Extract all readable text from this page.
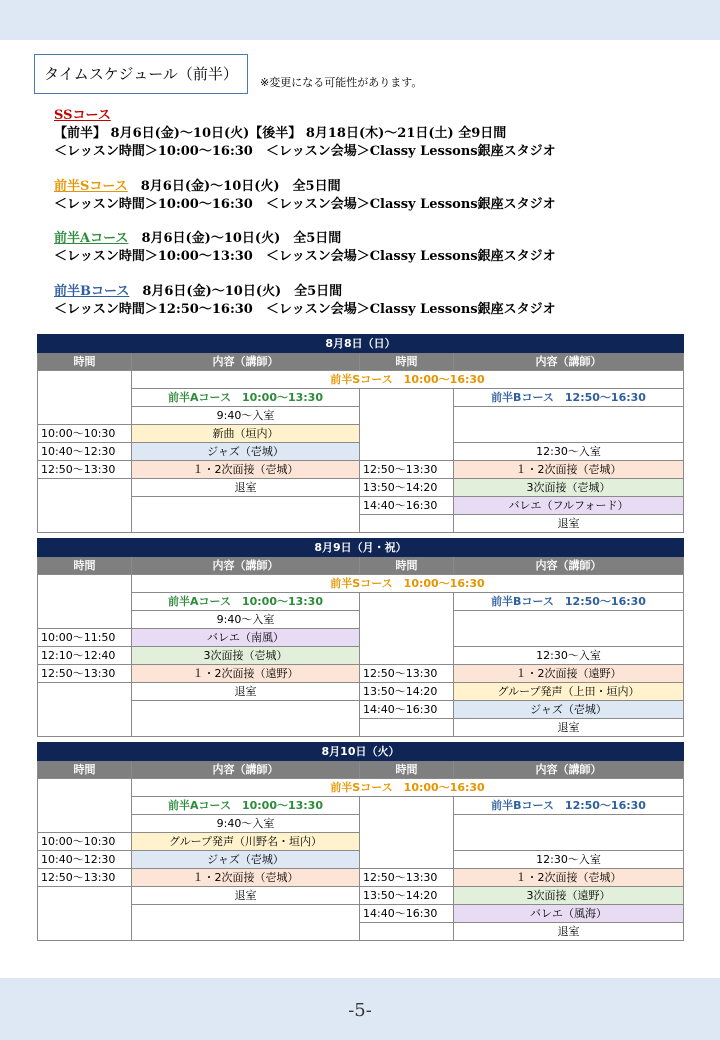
タイムスケジュール（前半）	※変更になる可能性があります。
SSコース
【前半】 8月6日(金)～10日(火)【後半】 8月18日(木)～21日(土) 全9日間
＜レッスン時間＞10:00～16:30　＜レッスン会場＞Classy Lessons銀座スタジオ
前半Sコース　8月6日(金)～10日(火)　全5日間
＜レッスン時間＞10:00～16:30　＜レッスン会場＞Classy Lessons銀座スタジオ
前半Aコース　8月6日(金)～10日(火)　全5日間
＜レッスン時間＞10:00～13:30　＜レッスン会場＞Classy Lessons銀座スタジオ
前半Bコース　8月6日(金)～10日(火)　全5日間
＜レッスン時間＞12:50～16:30　＜レッスン会場＞Classy Lessons銀座スタジオ
8月8日（日）			
時間	内容（講師）	時間	内容（講師）
	前半Sコース　10:00～16:30		
	前半Aコース　10:00～13:30		前半Bコース　12:50～16:30
	9:40～入室		
10:00～10:30	新曲（垣内）		
10:40～12:30	ジャズ（壱城）		12:30～入室
12:50～13:30	１・2次面接（壱城）	12:50～13:30	１・2次面接（壱城）
	退室	13:50～14:20	3次面接（壱城）
		14:40～16:30	バレエ（フルフォード）
			退室
8月9日（月・祝）			
時間	内容（講師）	時間	内容（講師）
	前半Sコース　10:00～16:30		
	前半Aコース　10:00～13:30		前半Bコース　12:50～16:30
	9:40～入室		
10:00～11:50	バレエ（南風）		
12:10～12:40	3次面接（壱城）		12:30～入室
12:50～13:30	１・2次面接（遠野）	12:50～13:30	１・2次面接（遠野）
	退室	13:50～14:20	グループ発声（上田・垣内）
		14:40～16:30	ジャズ（壱城）
			退室
8月10日（火）			
時間	内容（講師）	時間	内容（講師）
	前半Sコース　10:00～16:30		
	前半Aコース　10:00～13:30		前半Bコース　12:50～16:30
	9:40～入室		
10:00～10:30	グループ発声（川野名・垣内）		
10:40～12:30	ジャズ（壱城）		12:30～入室
12:50～13:30	１・2次面接（壱城）	12:50～13:30	１・2次面接（壱城）
	退室	13:50～14:20	3次面接（遠野）
		14:40～16:30	バレエ（風海）
			退室
-5-
